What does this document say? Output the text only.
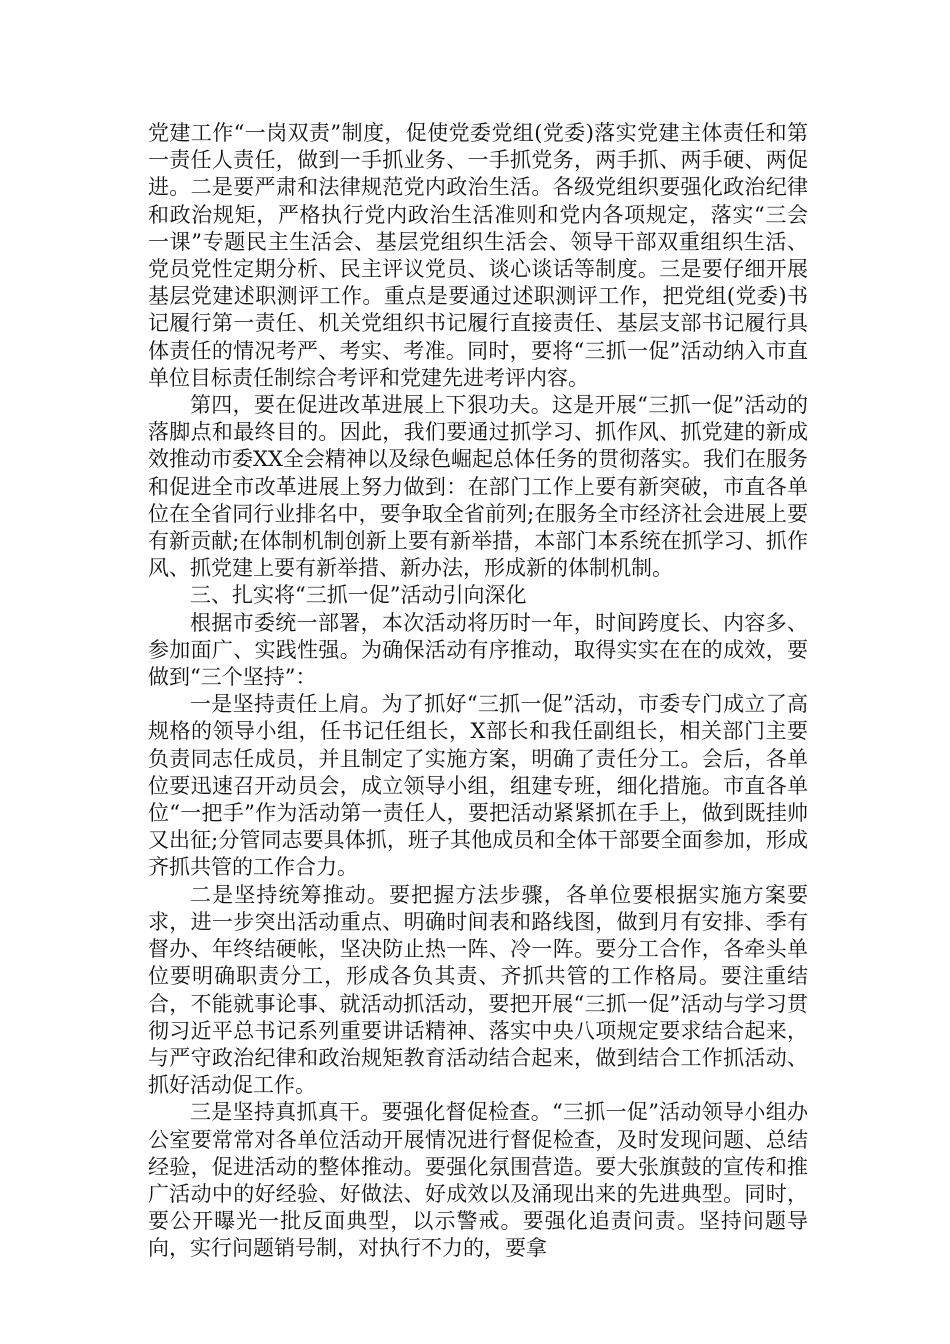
党建工作“一岗双责”制度，促使党委党组(党委)落实党建主体责任和第一责任人责任，做到一手抓业务、一手抓党务，两手抓、两手硬、两促进。二是要严肃和法律规范党内政治生活。各级党组织要强化政治纪律和政治规矩，严格执行党内政治生活准则和党内各项规定，落实“三会一课”专题民主生活会、基层党组织生活会、领导干部双重组织生活、党员党性定期分析、民主评议党员、谈心谈话等制度。三是要仔细开展基层党建述职测评工作。重点是要通过述职测评工作，把党组(党委)书记履行第一责任、机关党组织书记履行直接责任、基层支部书记履行具体责任的情况考严、考实、考准。同时，要将“三抓一促”活动纳入市直单位目标责任制综合考评和党建先进考评内容。

第四，要在促进改革进展上下狠功夫。这是开展“三抓一促”活动的落脚点和最终目的。因此，我们要通过抓学习、抓作风、抓党建的新成效推动市委XX全会精神以及绿色崛起总体任务的贯彻落实。我们在服务和促进全市改革进展上努力做到：在部门工作上要有新突破，市直各单位在全省同行业排名中，要争取全省前列;在服务全市经济社会进展上要有新贡献;在体制机制创新上要有新举措，本部门本系统在抓学习、抓作风、抓党建上要有新举措、新办法，形成新的体制机制。

三、扎实将“三抓一促”活动引向深化

根据市委统一部署，本次活动将历时一年，时间跨度长、内容多、参加面广、实践性强。为确保活动有序推动，取得实实在在的成效，要做到“三个坚持”：

一是坚持责任上肩。为了抓好“三抓一促”活动，市委专门成立了高规格的领导小组，任书记任组长，X部长和我任副组长，相关部门主要负责同志任成员，并且制定了实施方案，明确了责任分工。会后，各单位要迅速召开动员会，成立领导小组，组建专班，细化措施。市直各单位“一把手”作为活动第一责任人，要把活动紧紧抓在手上，做到既挂帅又出征;分管同志要具体抓，班子其他成员和全体干部要全面参加，形成齐抓共管的工作合力。

二是坚持统筹推动。要把握方法步骤，各单位要根据实施方案要求，进一步突出活动重点、明确时间表和路线图，做到月有安排、季有督办、年终结硬帐，坚决防止热一阵、冷一阵。要分工合作，各牵头单位要明确职责分工，形成各负其责、齐抓共管的工作格局。要注重结合，不能就事论事、就活动抓活动，要把开展“三抓一促”活动与学习贯彻习近平总书记系列重要讲话精神、落实中央八项规定要求结合起来，与严守政治纪律和政治规矩教育活动结合起来，做到结合工作抓活动、抓好活动促工作。

三是坚持真抓真干。要强化督促检查。“三抓一促”活动领导小组办公室要常常对各单位活动开展情况进行督促检查，及时发现问题、总结经验，促进活动的整体推动。要强化氛围营造。要大张旗鼓的宣传和推广活动中的好经验、好做法、好成效以及涌现出来的先进典型。同时，要公开曝光一批反面典型，以示警戒。要强化追责问责。坚持问题导向，实行问题销号制，对执行不力的，要拿
